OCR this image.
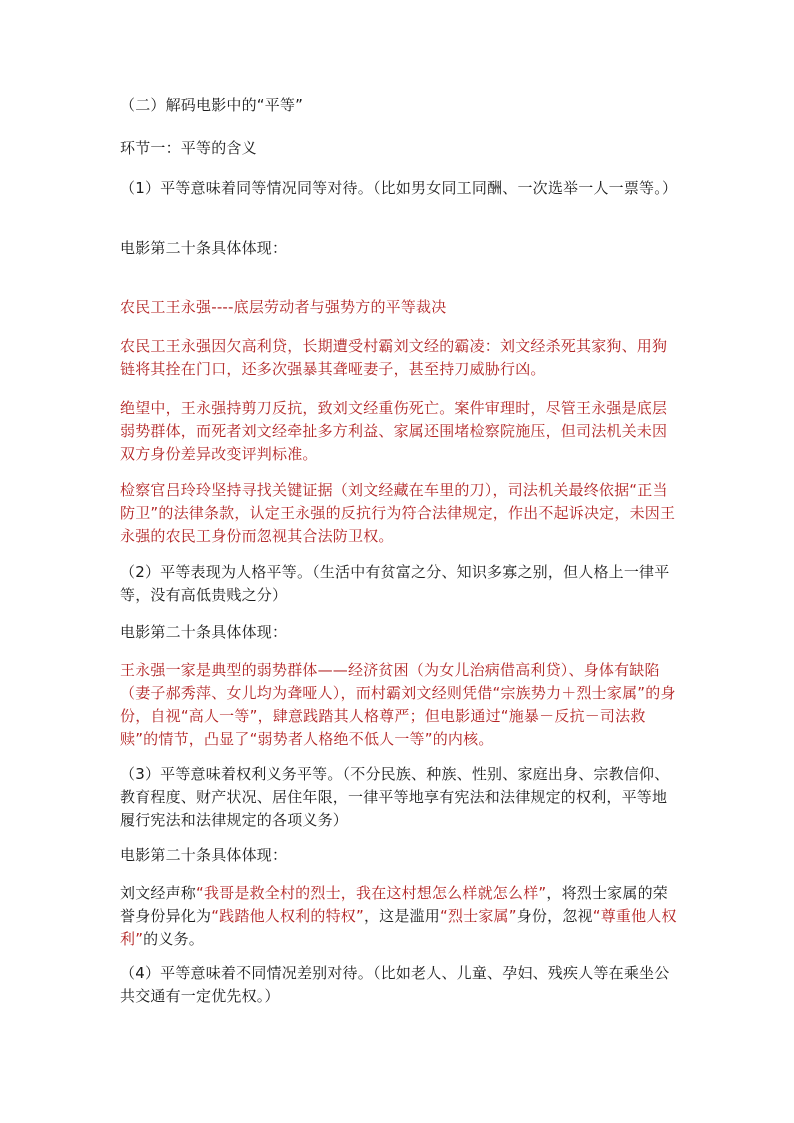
（二）解码电影中的“平等”

环节一：平等的含义

（1）平等意味着同等情况同等对待。（比如男女同工同酬、一次选举一人一票等。）

电影第二十条具体体现：

农民工王永强----底层劳动者与强势方的平等裁决

农民工王永强因欠高利贷，长期遭受村霸刘文经的霸凌：刘文经杀死其家狗、用狗链将其拴在门口，还多次强暴其聋哑妻子，甚至持刀威胁行凶。

绝望中，王永强持剪刀反抗，致刘文经重伤死亡。案件审理时，尽管王永强是底层弱势群体，而死者刘文经牵扯多方利益、家属还围堵检察院施压，但司法机关未因双方身份差异改变评判标准。

检察官吕玲玲坚持寻找关键证据（刘文经藏在车里的刀），司法机关最终依据“正当防卫”的法律条款，认定王永强的反抗行为符合法律规定，作出不起诉决定，未因王永强的农民工身份而忽视其合法防卫权。

（2）平等表现为人格平等。（生活中有贫富之分、知识多寡之别，但人格上一律平等，没有高低贵贱之分）

电影第二十条具体体现：

王永强一家是典型的弱势群体——经济贫困（为女儿治病借高利贷）、身体有缺陷（妻子郝秀萍、女儿均为聋哑人），而村霸刘文经则凭借“宗族势力＋烈士家属”的身份，自视“高人一等”，肆意践踏其人格尊严；但电影通过“施暴－反抗－司法救赎”的情节，凸显了“弱势者人格绝不低人一等”的内核。

（3）平等意味着权利义务平等。（不分民族、种族、性别、家庭出身、宗教信仰、教育程度、财产状况、居住年限，一律平等地享有宪法和法律规定的权利，平等地履行宪法和法律规定的各项义务）

电影第二十条具体体现：

刘文经声称“我哥是救全村的烈士，我在这村想怎么样就怎么样”，将烈士家属的荣誉身份异化为“践踏他人权利的特权”，这是滥用“烈士家属”身份，忽视“尊重他人权利”的义务。

（4）平等意味着不同情况差别对待。（比如老人、儿童、孕妇、残疾人等在乘坐公共交通有一定优先权。）
